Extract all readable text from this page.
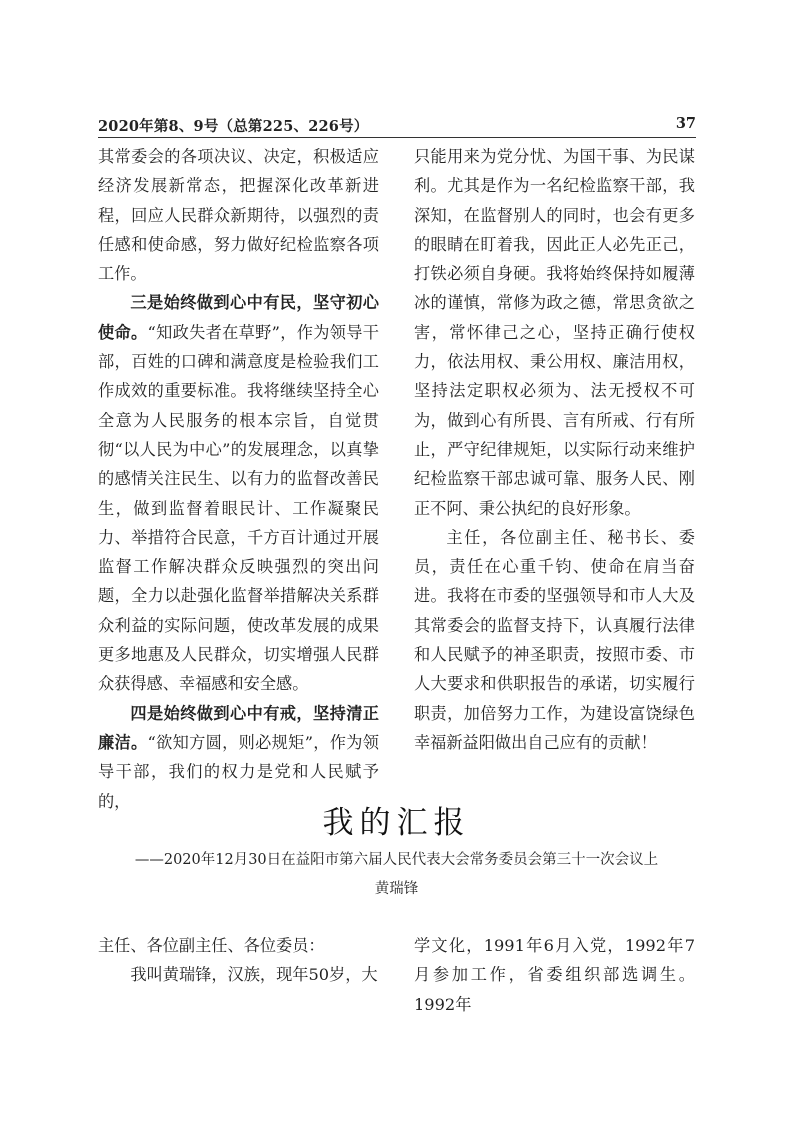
2020年第8、9号（总第225、226号）	37

其常委会的各项决议、决定，积极适应经济发展新常态，把握深化改革新进程，回应人民群众新期待，以强烈的责任感和使命感，努力做好纪检监察各项工作。

三是始终做到心中有民，坚守初心使命。“知政失者在草野”，作为领导干部，百姓的口碑和满意度是检验我们工作成效的重要标准。我将继续坚持全心全意为人民服务的根本宗旨，自觉贯彻“以人民为中心”的发展理念，以真挚的感情关注民生、以有力的监督改善民生，做到监督着眼民计、工作凝聚民力、举措符合民意，千方百计通过开展监督工作解决群众反映强烈的突出问题，全力以赴强化监督举措解决关系群众利益的实际问题，使改革发展的成果更多地惠及人民群众，切实增强人民群众获得感、幸福感和安全感。

四是始终做到心中有戒，坚持清正廉洁。“欲知方圆，则必规矩”，作为领导干部，我们的权力是党和人民赋予的，

只能用来为党分忧、为国干事、为民谋利。尤其是作为一名纪检监察干部，我深知，在监督别人的同时，也会有更多的眼睛在盯着我，因此正人必先正己，打铁必须自身硬。我将始终保持如履薄冰的谨慎，常修为政之德，常思贪欲之害，常怀律己之心，坚持正确行使权力，依法用权、秉公用权、廉洁用权，坚持法定职权必须为、法无授权不可为，做到心有所畏、言有所戒、行有所止，严守纪律规矩，以实际行动来维护纪检监察干部忠诚可靠、服务人民、刚正不阿、秉公执纪的良好形象。

主任，各位副主任、秘书长、委员，责任在心重千钧、使命在肩当奋进。我将在市委的坚强领导和市人大及其常委会的监督支持下，认真履行法律和人民赋予的神圣职责，按照市委、市人大要求和供职报告的承诺，切实履行职责，加倍努力工作，为建设富饶绿色幸福新益阳做出自己应有的贡献！

我的汇报
——2020年12月30日在益阳市第六届人民代表大会常务委员会第三十一次会议上
黄瑞锋

主任、各位副主任、各位委员：

我叫黄瑞锋，汉族，现年50岁，大

学文化，1991年6月入党，1992年7月参加工作，省委组织部选调生。1992年
